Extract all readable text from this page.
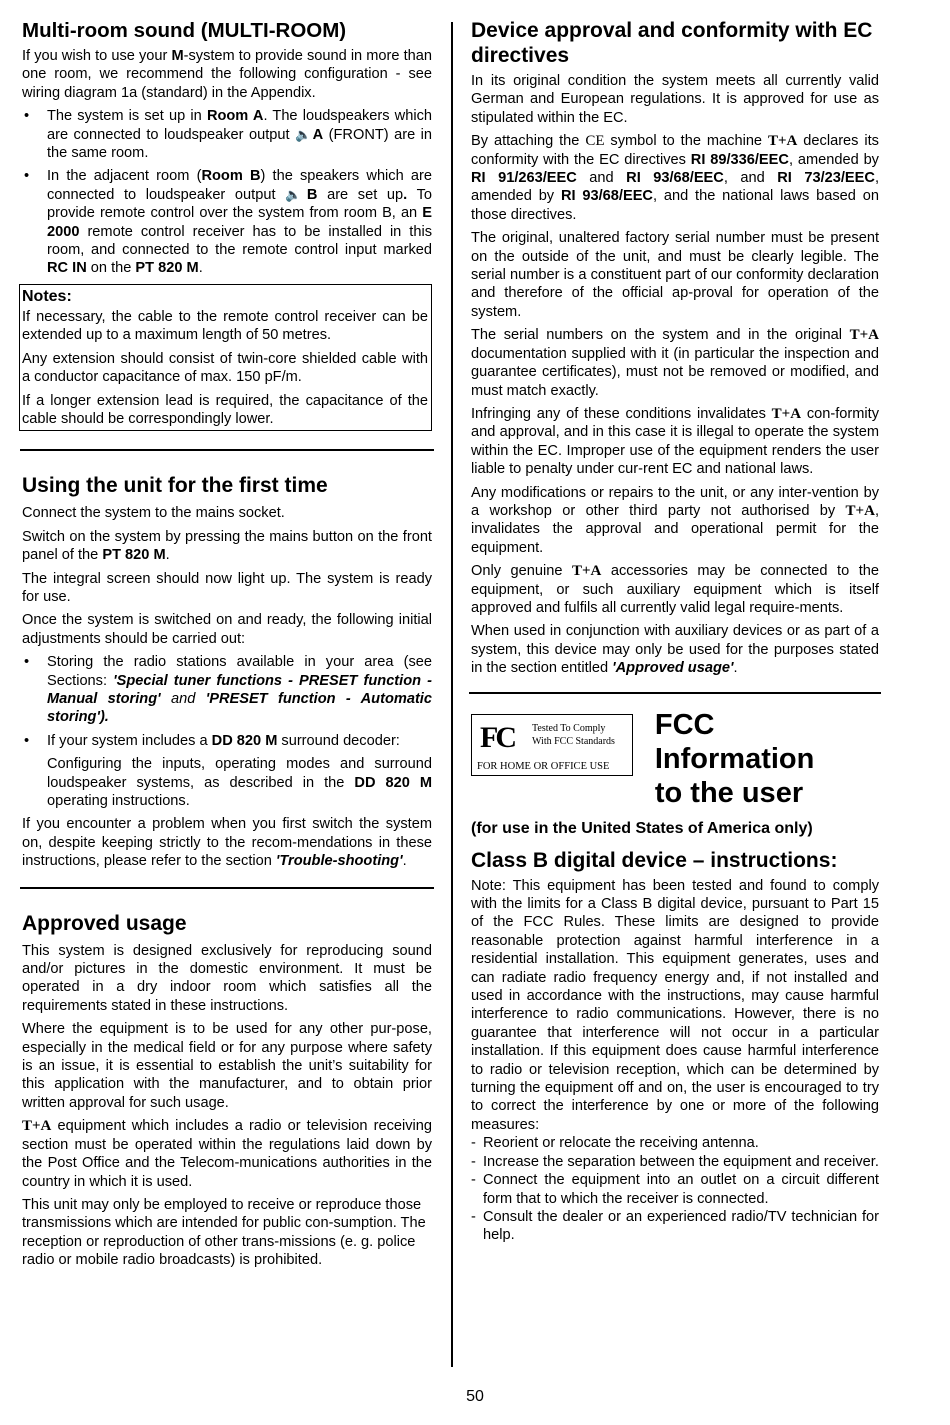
Multi-room sound (MULTI-ROOM)

If you wish to use your M-system to provide sound in more than one room, we recommend the following configuration - see wiring diagram 1a (standard) in the Appendix.

• The system is set up in Room A. The loudspeakers which are connected to loudspeaker output 🔈A (FRONT) are in the same room.
• In the adjacent room (Room B) the speakers which are connected to loudspeaker output 🔈B are set up. To provide remote control over the system from room B, an E 2000 remote control receiver has to be installed in this room, and connected to the remote control input marked RC IN on the PT 820 M.
Notes:

If necessary, the cable to the remote control receiver can be extended up to a maximum length of 50 metres.

Any extension should consist of twin-core shielded cable with a conductor capacitance of max. 150 pF/m.

If a longer extension lead is required, the capacitance of the cable should be correspondingly lower.

Using the unit for the first time

Connect the system to the mains socket.

Switch on the system by pressing the mains button on the front panel of the PT 820 M.

The integral screen should now light up. The system is ready for use.

Once the system is switched on and ready, the following initial adjustments should be carried out:

• Storing the radio stations available in your area (see Sections: 'Special tuner functions - PRESET function - Manual storing' and 'PRESET function - Automatic storing').
• If your system includes a DD 820 M surround decoder:

Configuring the inputs, operating modes and surround loudspeaker systems, as described in the DD 820 M operating instructions.

If you encounter a problem when you first switch the system on, despite keeping strictly to the recom-mendations in these instructions, please refer to the section 'Trouble-shooting'.

Approved usage

This system is designed exclusively for reproducing sound and/or pictures in the domestic environment. It must be operated in a dry indoor room which satisfies all the requirements stated in these instructions.

Where the equipment is to be used for any other pur-pose, especially in the medical field or for any purpose where safety is an issue, it is essential to establish the unit’s suitability for this application with the manufacturer, and to obtain prior written approval for such usage.

T+A equipment which includes a radio or television receiving section must be operated within the regulations laid down by the Post Office and the Telecom-munications authorities in the country in which it is used.

This unit may only be employed to receive or reproduce those transmissions which are intended for public con-sumption. The reception or reproduction of other trans-missions (e. g. police radio or mobile radio broadcasts) is prohibited.

Device approval and conformity with EC directives

In its original condition the system meets all currently valid German and European regulations. It is approved for use as stipulated within the EC.

By attaching the CE symbol to the machine T+A declares its conformity with the EC directives RI 89/336/EEC, amended by RI 91/263/EEC and RI 93/68/EEC, and RI 73/23/EEC, amended by RI 93/68/EEC, and the national laws based on those directives.

The original, unaltered factory serial number must be present on the outside of the unit, and must be clearly legible. The serial number is a constituent part of our conformity declaration and therefore of the official ap-proval for operation of the system.

The serial numbers on the system and in the original T+A documentation supplied with it (in particular the inspection and guarantee certificates), must not be removed or modified, and must match exactly.

Infringing any of these conditions invalidates T+A con-formity and approval, and in this case it is illegal to operate the system within the EC. Improper use of the equipment renders the user liable to penalty under cur-rent EC and national laws.

Any modifications or repairs to the unit, or any inter-vention by a workshop or other third party not authorised by T+A, invalidates the approval and operational permit for the equipment.

Only genuine T+A accessories may be connected to the equipment, or such auxiliary equipment which is itself approved and fulfils all currently valid legal require-ments.

When used in conjunction with auxiliary devices or as part of a system, this device may only be used for the purposes stated in the section entitled 'Approved usage'.

FC Tested To Comply
With FCC Standards
FOR HOME OR OFFICE USE
FCC Information
to the user
(for use in the United States of America only)
Class B digital device – instructions:

Note: This equipment has been tested and found to comply with the limits for a Class B digital device, pursuant to Part 15 of the FCC Rules. These limits are designed to provide reasonable protection against harmful interference in a residential installation. This equipment generates, uses and can radiate radio frequency energy and, if not installed and used in accordance with the instructions, may cause harmful interference to radio communications. However, there is no guarantee that interference will not occur in a particular installation. If this equipment does cause harmful interference to radio or television reception, which can be determined by turning the equipment off and on, the user is encouraged to try to correct the interference by one or more of the following measures:

- Reorient or relocate the receiving antenna.
- Increase the separation between the equipment and receiver.
- Connect the equipment into an outlet on a circuit different form that to which the receiver is connected.
- Consult the dealer or an experienced radio/TV technician for help.
50
